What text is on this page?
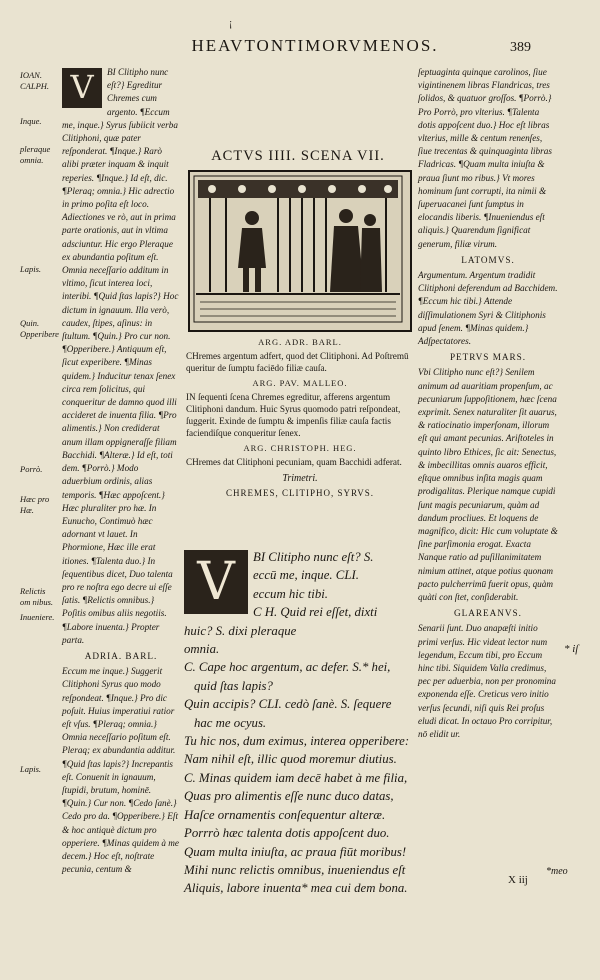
¡
HEAVTONTIMORVMENOS.	389
IOAN. CALPH.
Inque.
pleraque omnia.
Lapis.
Quin. Opperibere
Porrò.
Hæc pro Hæ.
Relictis om nibus.
Inueniere.
Lapis.
V	BI Clitipho nunc eſt?} Egreditur Chremes cum argento. ¶Eccum me, inque.} Syrus ſubiicit verba Clitiphoni, quæ pater reſponderat. ¶Inque.} Rarò alibi præter inquam & inquit reperies. ¶Inque.} Id eſt, dic. ¶Pleraq; omnia.} Hic adrectio in primo poſita eſt loco. Adiectiones ve rò, aut in prima parte orationis, aut in vltima adsciuntur. Hic ergo Pleraque ex abundantia poſitum eſt. Omnia neceſſario additum in vltimo, ſicut interea loci, interibi. ¶Quid ſtas lapis?} Hoc dictum in ignauum. Illa verò, caudex, ſtipes, aſinus: in ſtultum. ¶Quin.} Pro cur non. ¶Opperibere.} Antiquum eſt, ſicut experibere. ¶Minas quidem.} Inducitur tenax ſenex circa rem ſolicitus, qui conqueritur de damno quod illi accideret de inuenta filia. ¶Pro alimentis.} Non crediderat anum illam oppigneraſſe filiam Bacchidi. ¶Alteræ.} Id eſt, toti dem. ¶Porrò.} Modo aduerbium ordinis, alias temporis. ¶Hæc appoſcent.} Hæc pluraliter pro hæ. In Eunucho, Contimuò hæc adornant vt lauet. In Phormione, Hæc ille erat itiones. ¶Talenta duo.} In ſequentibus dicet, Duo talenta pro re noſtra ego decre ui eſſe ſatis. ¶Relictis omnibus.} Poſitis omibus aliis negotiis. ¶Labore inuenta.} Propter parta.

ADRIA. BARL.

Eccum me inque.} Suggerit Clitiphoni Syrus quo modo reſpondeat. ¶Inque.} Pro dic poſuit. Huius imperatiui ratior eſt vſus. ¶Pleraq; omnia.} Omnia neceſſario poſitum eſt. Pleraq; ex abundantia additur. ¶Quid ſtas lapis?} Increpantis eſt. Conuenit in ignauum, ſtupidi, brutum, hominē. ¶Quin.} Cur non. ¶Cedo ſanè.} Cedo pro da. ¶Opperibere.} Eſt & hoc antiquè dictum pro opperiere. ¶Minas quidem à me decem.} Hoc eſt, noſtrate pecunia, centum &

ACTVS IIII. SCENA VII.
ARG. ADR. BARL.

CHremes argentum adfert, quod det Clitiphoni. Ad Poſtremū queritur de ſumptu faciēdo filiæ cauſa.

ARG. PAV. MALLEO.

IN ſequenti ſcena Chremes egreditur, afferens argentum Clitiphoni dandum. Huic Syrus quomodo patri reſpondeat, ſuggerit. Exinde de ſumptu & impenſis filiæ cauſa factis faciendiſque conqueritur ſenex.

ARG. CHRISTOPH. HEG.

CHremes dat Clitiphoni pecuniam, quam Bacchidi adferat.

Trimetri.
CHREMES, CLITIPHO, SYRVS.
V	BI Clitipho nunc eſt? S.
eccū me, inque. CLI.
eccum hic tibi.
C H. Quid rei eſſet, dixti
huic? S. dixi pleraque
omnia.
C. Cape hoc argentum, ac defer. S.* hei,
quid ſtas lapis?
Quin accipis? CLI. cedò ſanè. S. ſequere
hac me ocyus.
Tu hic nos, dum eximus, interea opperibere:
Nam nihil eſt, illic quod moremur diutius.
C. Minas quidem iam decē habet à me filia,
Quas pro alimentis eſſe nunc duco datas,
Haſce ornamentis conſequentur alteræ.
Porrrò hæc talenta dotis appoſcent duo.
Quam multa iniuſta, ac praua fiūt moribus!
Mihi nunc relictis omnibus, inueniendus eſt
Aliquis, labore inuenta* mea cui dem bona.

ſeptuaginta quinque carolinos, ſiue vigintinenem libras Flandricas, tres ſolidos, & quatuor groſſos. ¶Porrò.} Pro Porrò, pro vlterius. ¶Talenta dotis appoſcent duo.} Hoc eſt libras vlterius, mille & centum renenſes, ſiue trecentas & quinquaginta libras Fladricas. ¶Quam multa iniuſta & praua ſiunt mo ribus.} Vt mores hominum ſunt corrupti, ita nimii & ſuperuacanei ſunt ſumptus in elocandis liberis. ¶Inueniendus eſt aliquis.} Quarendum ſignificat generum, filiæ virum.

LATOMVS.

Argumentum. Argentum tradidit Clitiphoni deferendum ad Bacchidem. ¶Eccum hic tibi.} Attende diſſimulationem Syri & Clitiphonis apud ſenem. ¶Minas quidem.} Adſpectatores.

PETRVS MARS.

Vbi Clitipho nunc eſt?} Senilem animum ad auaritiam propenſum, ac pecuniarum ſuppoſitionem, hæc ſcena exprimit. Senex naturaliter ſit auarus, & ratiocinatio imperſonam, illorum eſt qui amant pecunias. Ariſtoteles in quinto libro Ethices, ſic ait: Senectus, & imbecillitas omnis auaros efficit, eſtque omnibus inſita magis quam prodigalitas. Plerique namque cupidi ſunt magis pecuniarum, quàm ad dandum procliues. Et loquens de magnifico, dicit: Hic cum voluptate & ſine parſimonia erogat. Exacta Nanque ratio ad puſillanimitatem nimium attinet, atque potius quonam pacto pulcherrimū fuerit opus, quàm quàti con ſtet, conſiderabit.

GLAREANVS.

Senarii ſunt. Duo anapæſti initio primi verſus. Hic videat lector num legendum, Eccum tibi, pro Eccum hinc tibi. Siquidem Valla credimus, pec per aduerbia, non per pronomina exponenda eſſe. Creticus vero initio verſus ſecundi, niſi quis Rei proſus eludi dicat. In octauo Pro corripitur, nō elidit ur.

* iſ
X iij
*meo
